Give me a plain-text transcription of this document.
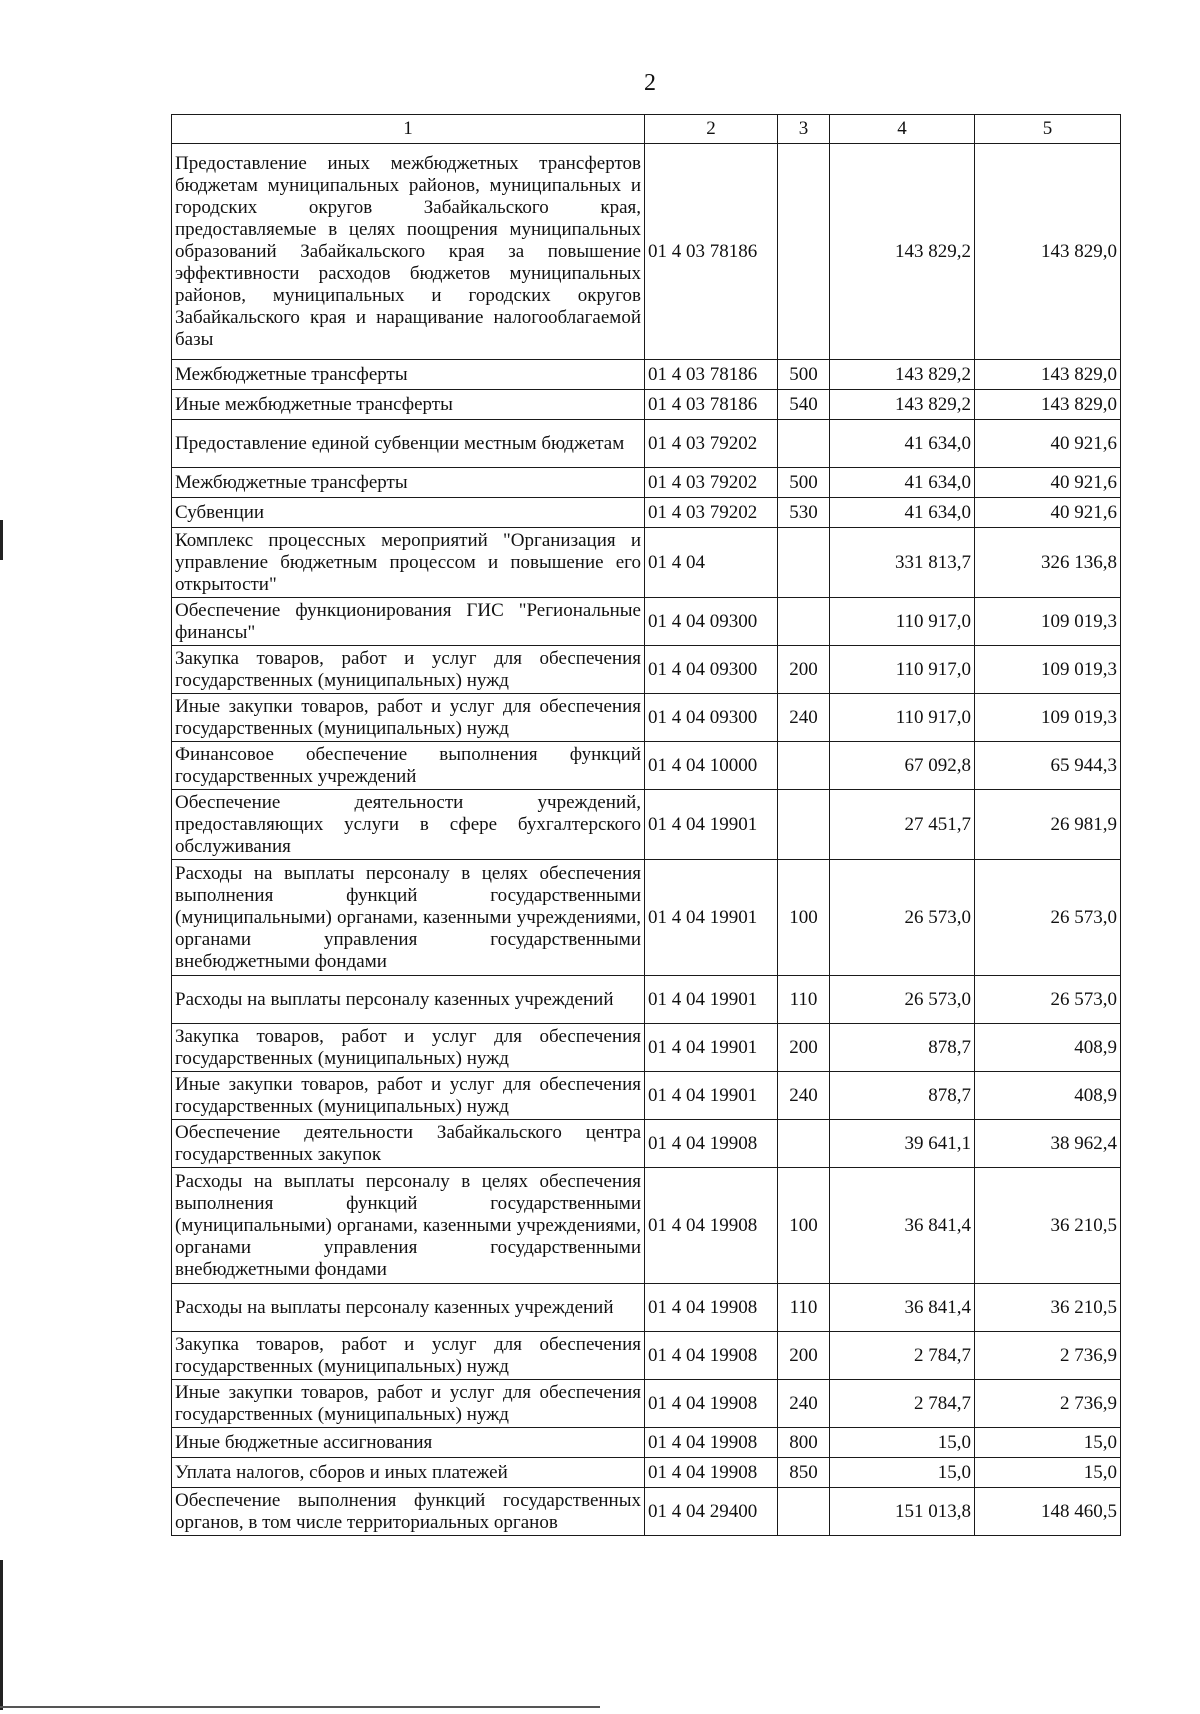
2
1	2	3	4	5
Предоставление иных межбюджетных трансфертов бюджетам муниципальных районов, муниципальных и городских округов Забайкальского края, предоставляемые в целях поощрения муниципальных образований Забайкальского края за повышение эффективности расходов бюджетов муниципальных районов, муниципальных и городских округов Забайкальского края и наращивание налогооблагаемой базы	01 4 03 78186		143 829,2	143 829,0
Межбюджетные трансферты	01 4 03 78186	500	143 829,2	143 829,0
Иные межбюджетные трансферты	01 4 03 78186	540	143 829,2	143 829,0
Предоставление единой субвенции местным бюджетам	01 4 03 79202		41 634,0	40 921,6
Межбюджетные трансферты	01 4 03 79202	500	41 634,0	40 921,6
Субвенции	01 4 03 79202	530	41 634,0	40 921,6
Комплекс процессных мероприятий "Организация и управление бюджетным процессом и повышение его открытости"	01 4 04		331 813,7	326 136,8
Обеспечение функционирования ГИС "Региональные финансы"	01 4 04 09300		110 917,0	109 019,3
Закупка товаров, работ и услуг для обеспечения государственных (муниципальных) нужд	01 4 04 09300	200	110 917,0	109 019,3
Иные закупки товаров, работ и услуг для обеспечения государственных (муниципальных) нужд	01 4 04 09300	240	110 917,0	109 019,3
Финансовое обеспечение выполнения функций государственных учреждений	01 4 04 10000		67 092,8	65 944,3
Обеспечение деятельности учреждений, предоставляющих услуги в сфере бухгалтерского обслуживания	01 4 04 19901		27 451,7	26 981,9
Расходы на выплаты персоналу в целях обеспечения выполнения функций государственными (муниципальными) органами, казенными учреждениями, органами управления государственными внебюджетными фондами	01 4 04 19901	100	26 573,0	26 573,0
Расходы на выплаты персоналу казенных учреждений	01 4 04 19901	110	26 573,0	26 573,0
Закупка товаров, работ и услуг для обеспечения государственных (муниципальных) нужд	01 4 04 19901	200	878,7	408,9
Иные закупки товаров, работ и услуг для обеспечения государственных (муниципальных) нужд	01 4 04 19901	240	878,7	408,9
Обеспечение деятельности Забайкальского центра государственных закупок	01 4 04 19908		39 641,1	38 962,4
Расходы на выплаты персоналу в целях обеспечения выполнения функций государственными (муниципальными) органами, казенными учреждениями, органами управления государственными внебюджетными фондами	01 4 04 19908	100	36 841,4	36 210,5
Расходы на выплаты персоналу казенных учреждений	01 4 04 19908	110	36 841,4	36 210,5
Закупка товаров, работ и услуг для обеспечения государственных (муниципальных) нужд	01 4 04 19908	200	2 784,7	2 736,9
Иные закупки товаров, работ и услуг для обеспечения государственных (муниципальных) нужд	01 4 04 19908	240	2 784,7	2 736,9
Иные бюджетные ассигнования	01 4 04 19908	800	15,0	15,0
Уплата налогов, сборов и иных платежей	01 4 04 19908	850	15,0	15,0
Обеспечение выполнения функций государственных органов, в том числе территориальных органов	01 4 04 29400		151 013,8	148 460,5
